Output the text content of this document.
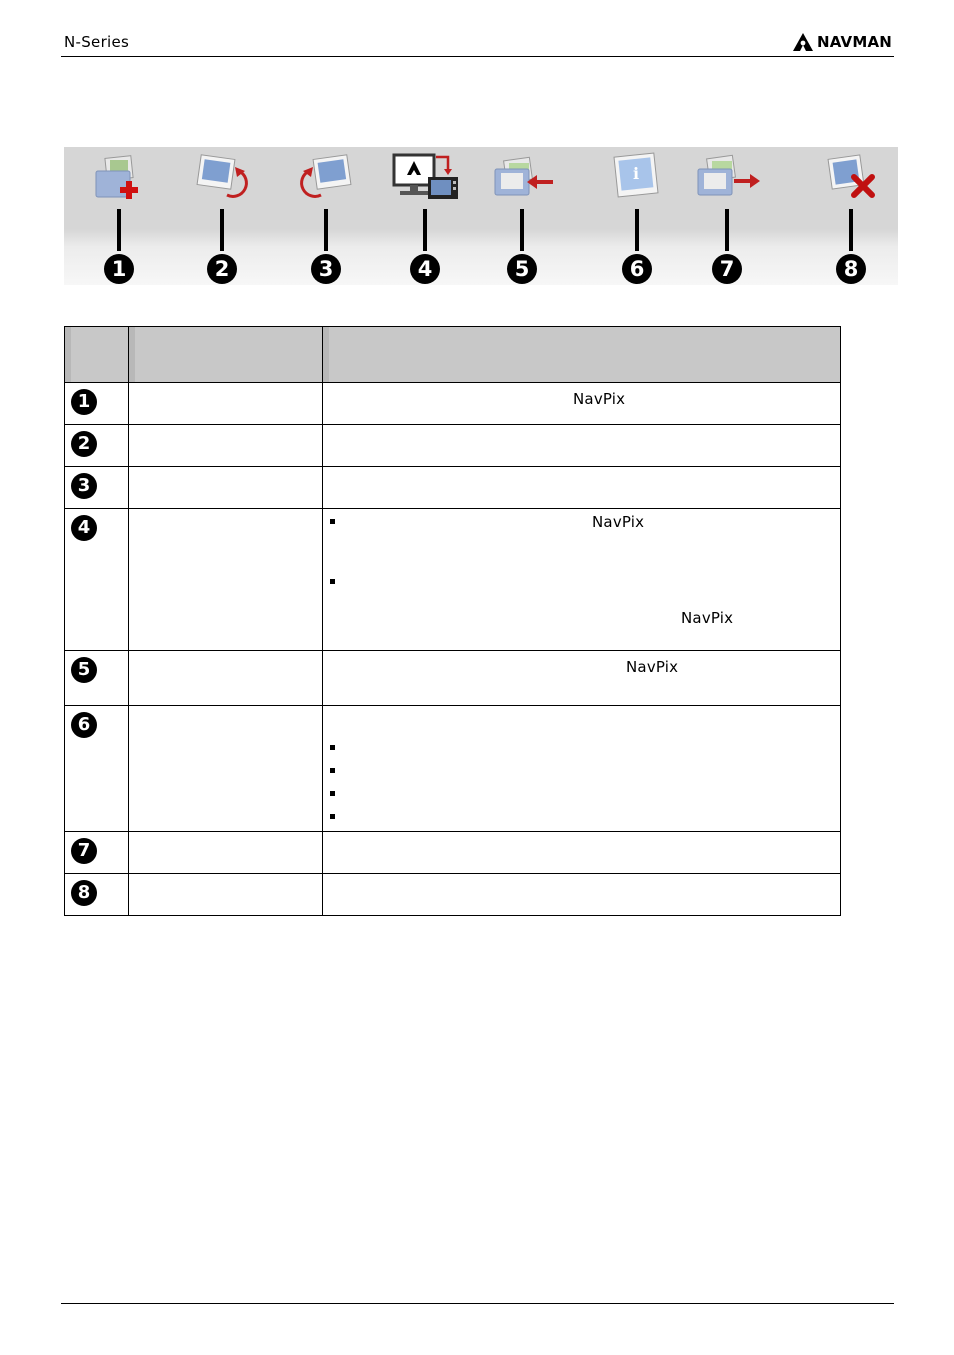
N-Series	NAVMAN
1	2	3	4	5
i
6	7	8

1		NavPix

2		

3		

4		NavPix
NavPix

5		NavPix

6		

7		

8		
